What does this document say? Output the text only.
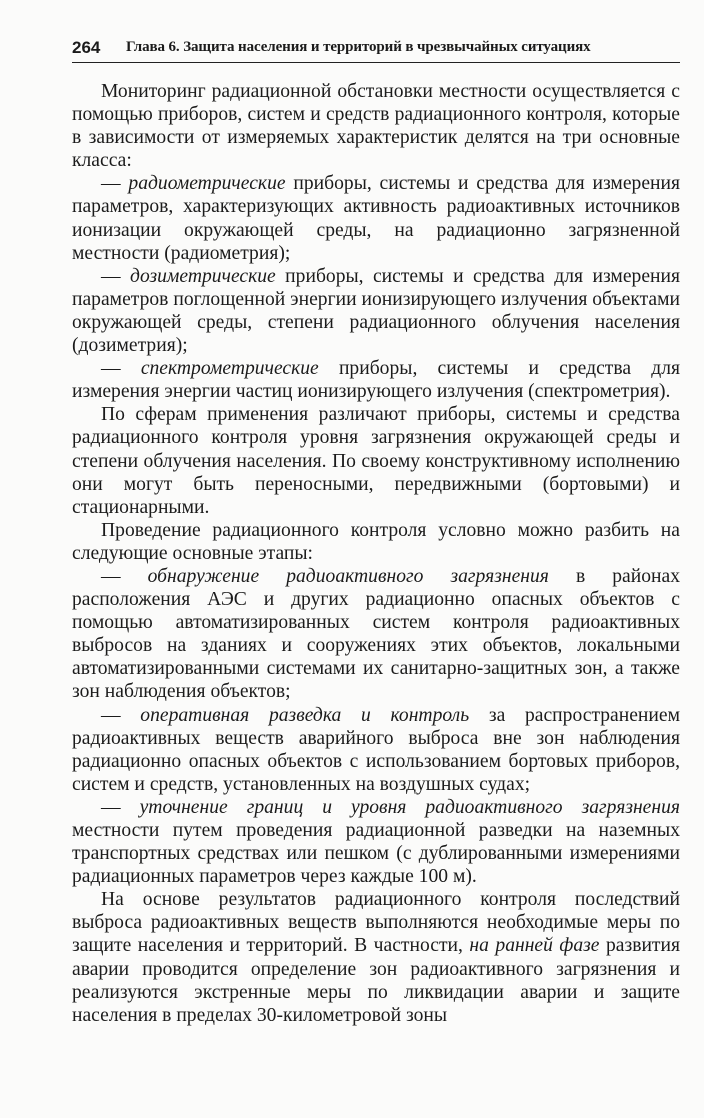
264 Глава 6. Защита населения и территорий в чрезвычайных ситуациях

Мониторинг радиационной обстановки местности осуществляется с помощью приборов, систем и средств радиационного контроля, которые в зависимости от измеряемых характеристик делятся на три основные класса:

— радиометрические приборы, системы и средства для измерения параметров, характеризующих активность радиоактивных источников ионизации окружающей среды, на радиационно загрязненной местности (радиометрия);

— дозиметрические приборы, системы и средства для измерения параметров поглощенной энергии ионизирующего излучения объектами окружающей среды, степени радиационного облучения населения (дозиметрия);

— спектрометрические приборы, системы и средства для измерения энергии частиц ионизирующего излучения (спектрометрия).

По сферам применения различают приборы, системы и средства радиационного контроля уровня загрязнения окружающей среды и степени облучения населения. По своему конструктивному исполнению они могут быть переносными, передвижными (бортовыми) и стационарными.

Проведение радиационного контроля условно можно разбить на следующие основные этапы:

— обнаружение радиоактивного загрязнения в районах расположения АЭС и других радиационно опасных объектов с помощью автоматизированных систем контроля радиоактивных выбросов на зданиях и сооружениях этих объектов, локальными автоматизированными системами их санитарно-защитных зон, а также зон наблюдения объектов;

— оперативная разведка и контроль за распространением радиоактивных веществ аварийного выброса вне зон наблюдения радиационно опасных объектов с использованием бортовых приборов, систем и средств, установленных на воздушных судах;

— уточнение границ и уровня радиоактивного загрязнения местности путем проведения радиационной разведки на наземных транспортных средствах или пешком (с дублированными измерениями радиационных параметров через каждые 100 м).

На основе результатов радиационного контроля последствий выброса радиоактивных веществ выполняются необходимые меры по защите населения и территорий. В частности, на ранней фазе развития аварии проводится определение зон радиоактивного загрязнения и реализуются экстренные меры по ликвидации аварии и защите населения в пределах 30-километровой зоны
